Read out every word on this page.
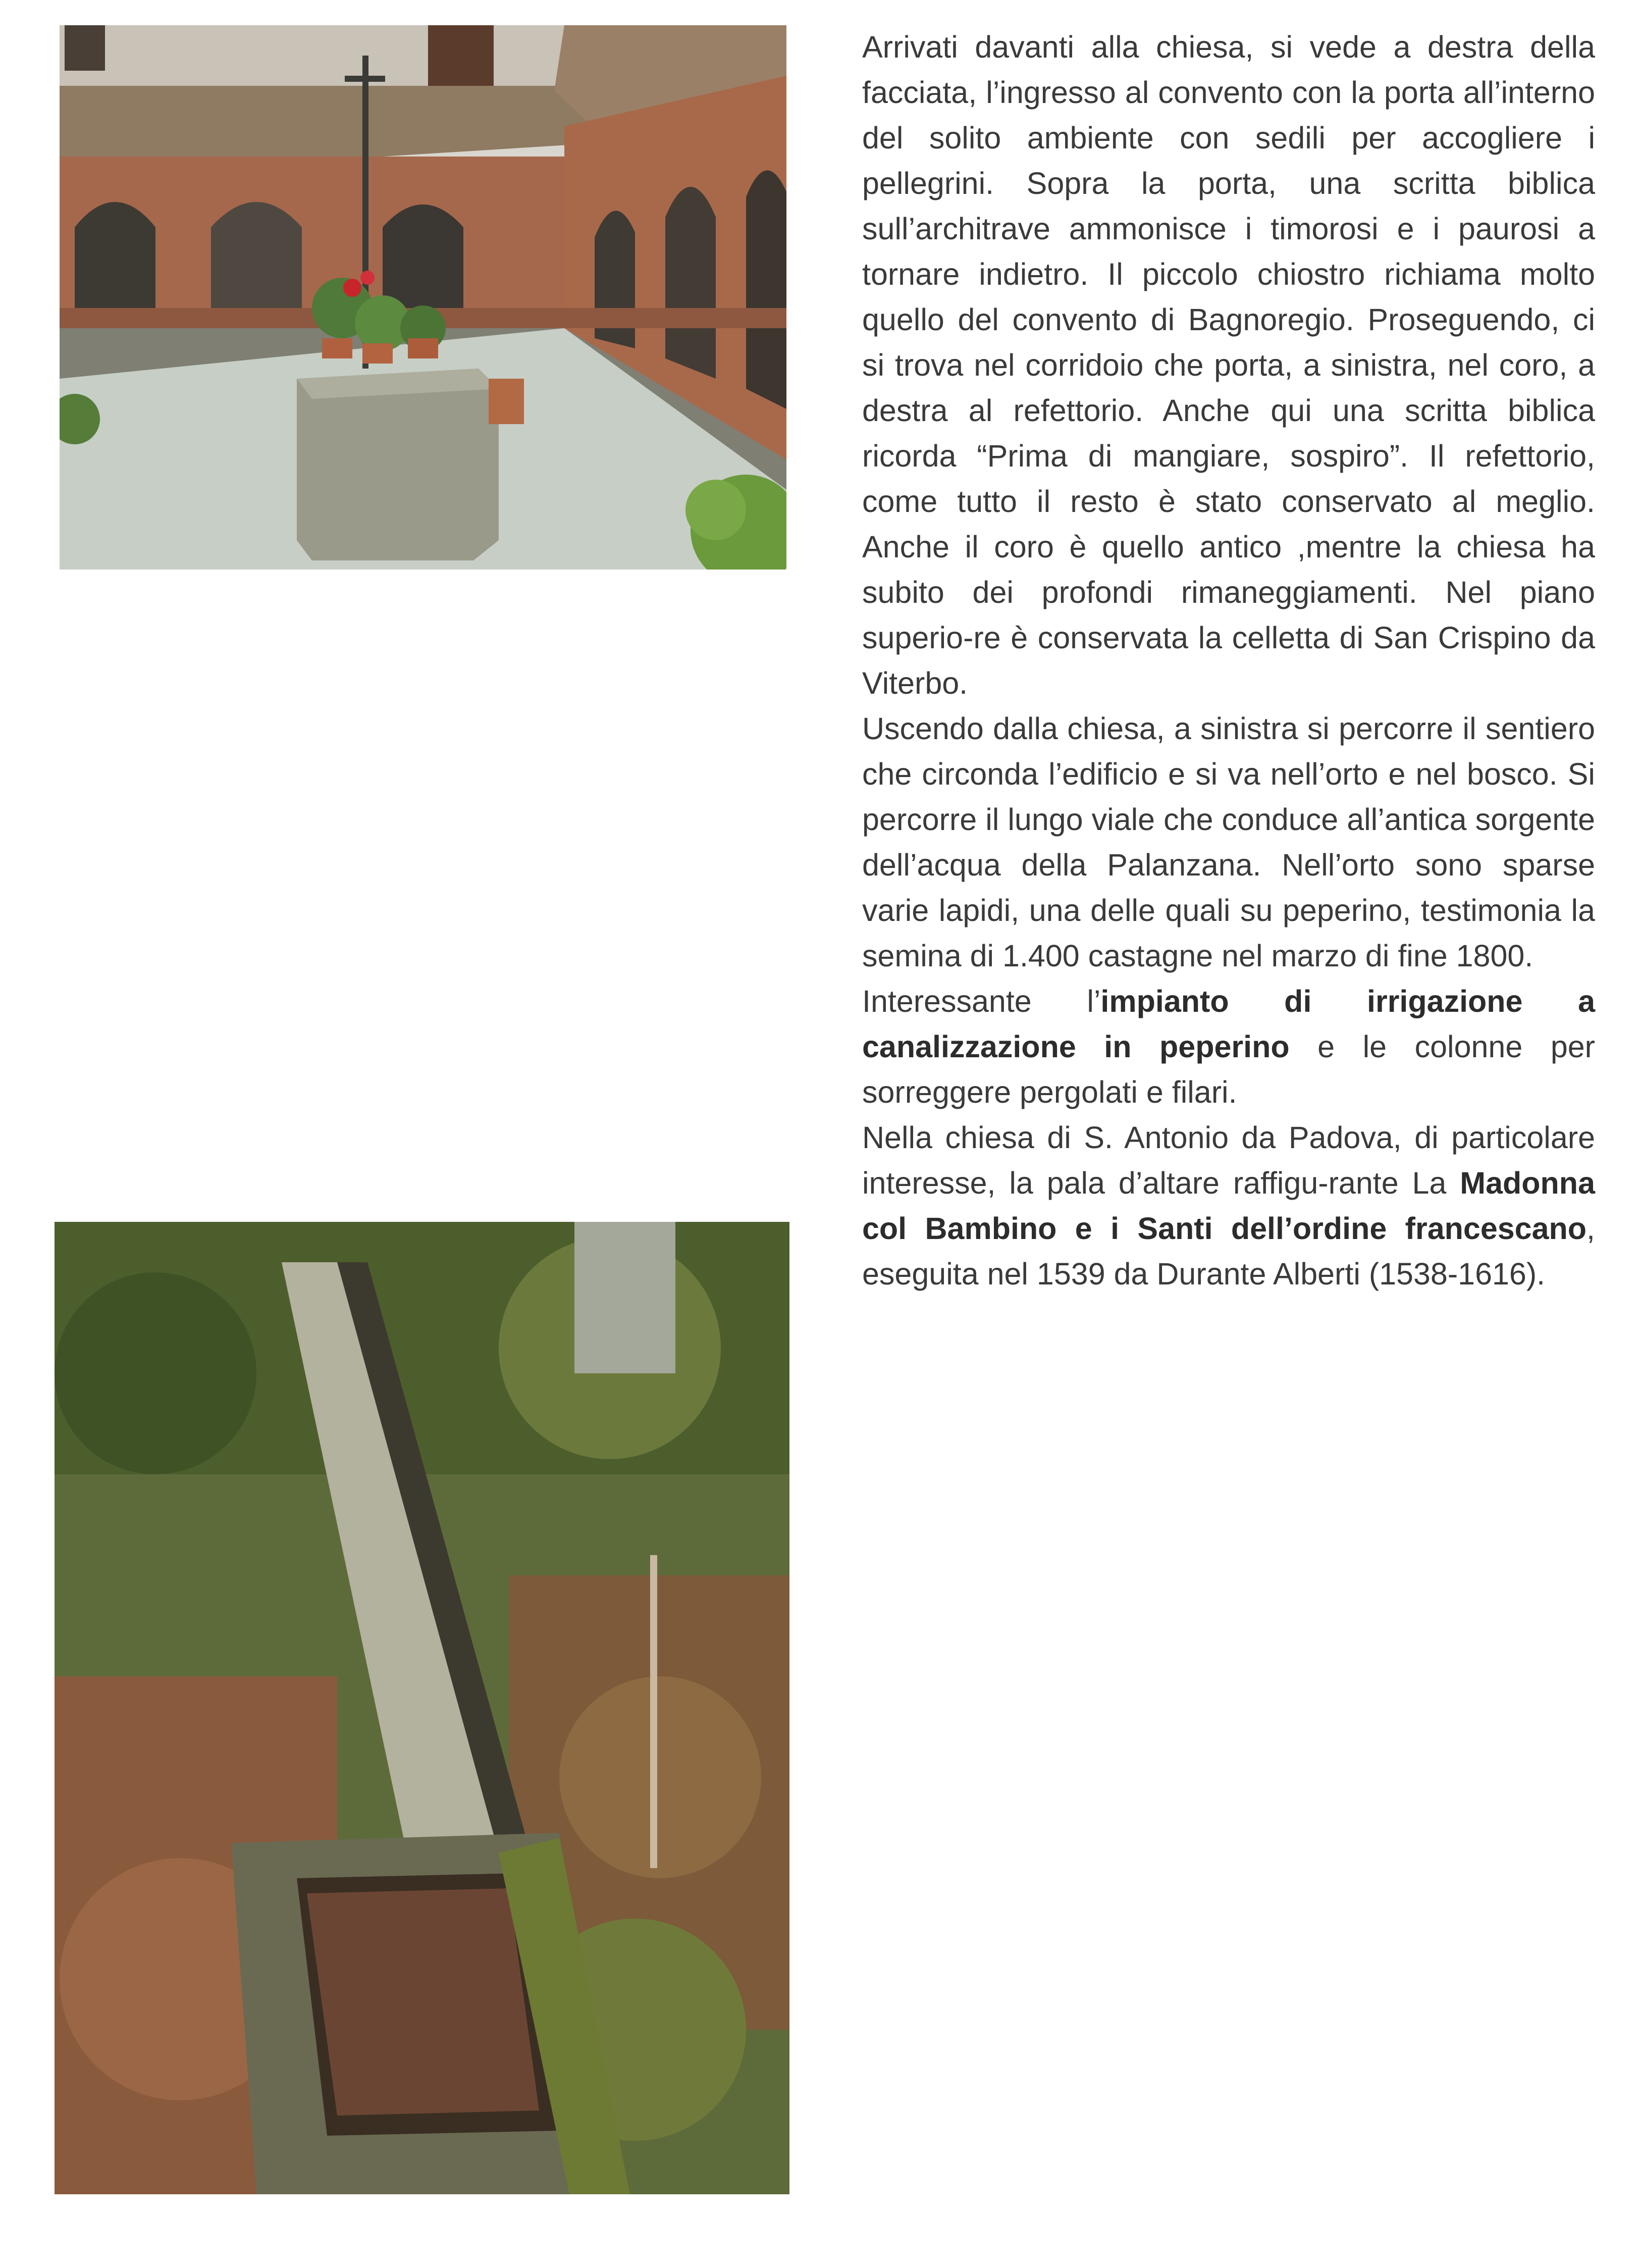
Arrivati davanti alla chiesa, si vede a destra della facciata, l’ingresso al convento con la porta all’interno del solito ambiente con sedili per accogliere i pellegrini. Sopra la porta, una scritta biblica sull’architrave ammonisce i timorosi e i paurosi a tornare indietro. Il piccolo chiostro richiama molto quello del convento di Bagnoregio. Proseguendo, ci si trova nel corridoio che porta, a sinistra, nel coro, a destra al refettorio. Anche qui una scritta biblica ricorda “Prima di mangiare, sospiro”. Il refettorio, come tutto il resto è stato conservato al meglio. Anche il coro è quello antico ,mentre la chiesa ha subito dei profondi rimaneggiamenti. Nel piano superio-re è conservata la celletta di San Crispino da Viterbo.

Uscendo dalla chiesa, a sinistra si percorre il sentiero che circonda l’edificio e si va nell’orto e nel bosco. Si percorre il lungo viale che conduce all’antica sorgente dell’acqua della Palanzana. Nell’orto sono sparse varie lapidi, una delle quali su peperino, testimonia la semina di 1.400 castagne nel marzo di fine 1800.

Interessante l’impianto di irrigazione a canalizzazione in peperino e le colonne per sorreggere pergolati e filari.

Nella chiesa di S. Antonio da Padova, di particolare interesse, la pala d’altare raffigu-rante La Madonna col Bambino e i Santi dell’ordine francescano, eseguita nel 1539 da Durante Alberti (1538-1616).
